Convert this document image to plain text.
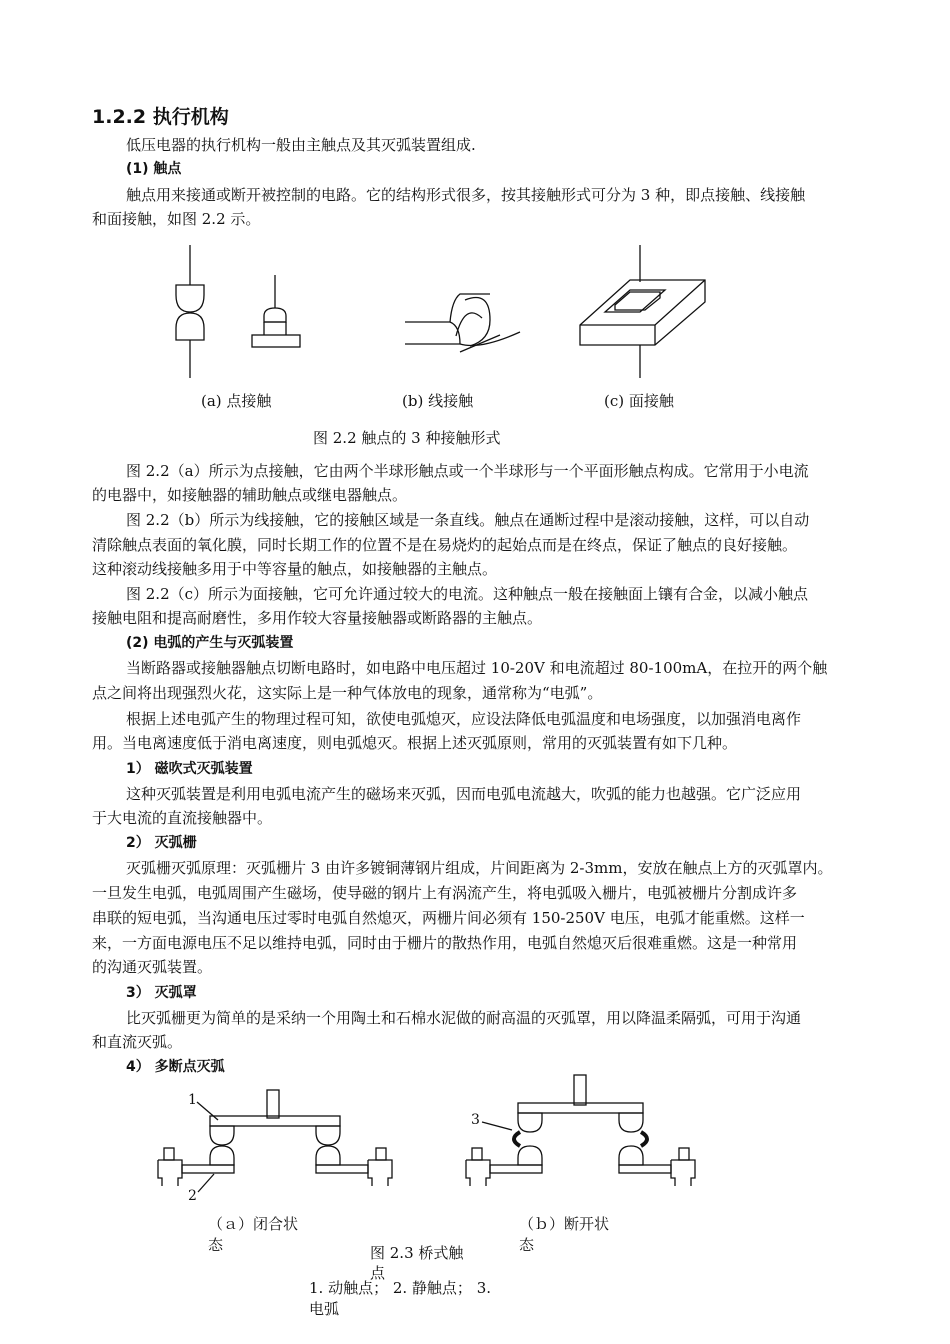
1.2.2 执行机构
低压电器的执行机构一般由主触点及其灭弧装置组成.
(1) 触点
触点用来接通或断开被控制的电路。它的结构形式很多，按其接触形式可分为 3 种，即点接触、线接触
和面接触，如图 2.2 示。
(a) 点接触	(b) 线接触	(c) 面接触
图 2.2 触点的 3 种接触形式
图 2.2（a）所示为点接触，它由两个半球形触点或一个半球形与一个平面形触点构成。它常用于小电流
的电器中，如接触器的辅助触点或继电器触点。
图 2.2（b）所示为线接触，它的接触区域是一条直线。触点在通断过程中是滚动接触，这样，可以自动
清除触点表面的氧化膜，同时长期工作的位置不是在易烧灼的起始点而是在终点，保证了触点的良好接触。
这种滚动线接触多用于中等容量的触点，如接触器的主触点。
图 2.2（c）所示为面接触，它可允许通过较大的电流。这种触点一般在接触面上镶有合金，以减小触点
接触电阻和提高耐磨性，多用作较大容量接触器或断路器的主触点。
(2) 电弧的产生与灭弧装置
当断路器或接触器触点切断电路时，如电路中电压超过 10-20V 和电流超过 80-100mA，在拉开的两个触
点之间将出现强烈火花，这实际上是一种气体放电的现象，通常称为“电弧”。
根据上述电弧产生的物理过程可知，欲使电弧熄灭，应设法降低电弧温度和电场强度，以加强消电离作
用。当电离速度低于消电离速度，则电弧熄灭。根据上述灭弧原则，常用的灭弧装置有如下几种。
1） 磁吹式灭弧装置
这种灭弧装置是利用电弧电流产生的磁场来灭弧，因而电弧电流越大，吹弧的能力也越强。它广泛应用
于大电流的直流接触器中。
2） 灭弧栅
灭弧栅灭弧原理：灭弧栅片 3 由许多镀铜薄钢片组成，片间距离为 2-3mm，安放在触点上方的灭弧罩内。
一旦发生电弧，电弧周围产生磁场，使导磁的钢片上有涡流产生，将电弧吸入栅片，电弧被栅片分割成许多
串联的短电弧，当沟通电压过零时电弧自然熄灭，两栅片间必须有 150-250V 电压，电弧才能重燃。这样一
来，一方面电源电压不足以维持电弧，同时由于栅片的散热作用，电弧自然熄灭后很难重燃。这是一种常用
的沟通灭弧装置。
3） 灭弧罩
比灭弧栅更为简单的是采纳一个用陶土和石棉水泥做的耐高温的灭弧罩，用以降温柔隔弧，可用于沟通
和直流灭弧。
4） 多断点灭弧
1
2
3
（ａ）闭合状
态
（ｂ）断开状
态
图 2.3 桥式触
点
1. 动触点； 2. 静触点； 3.
电弧
